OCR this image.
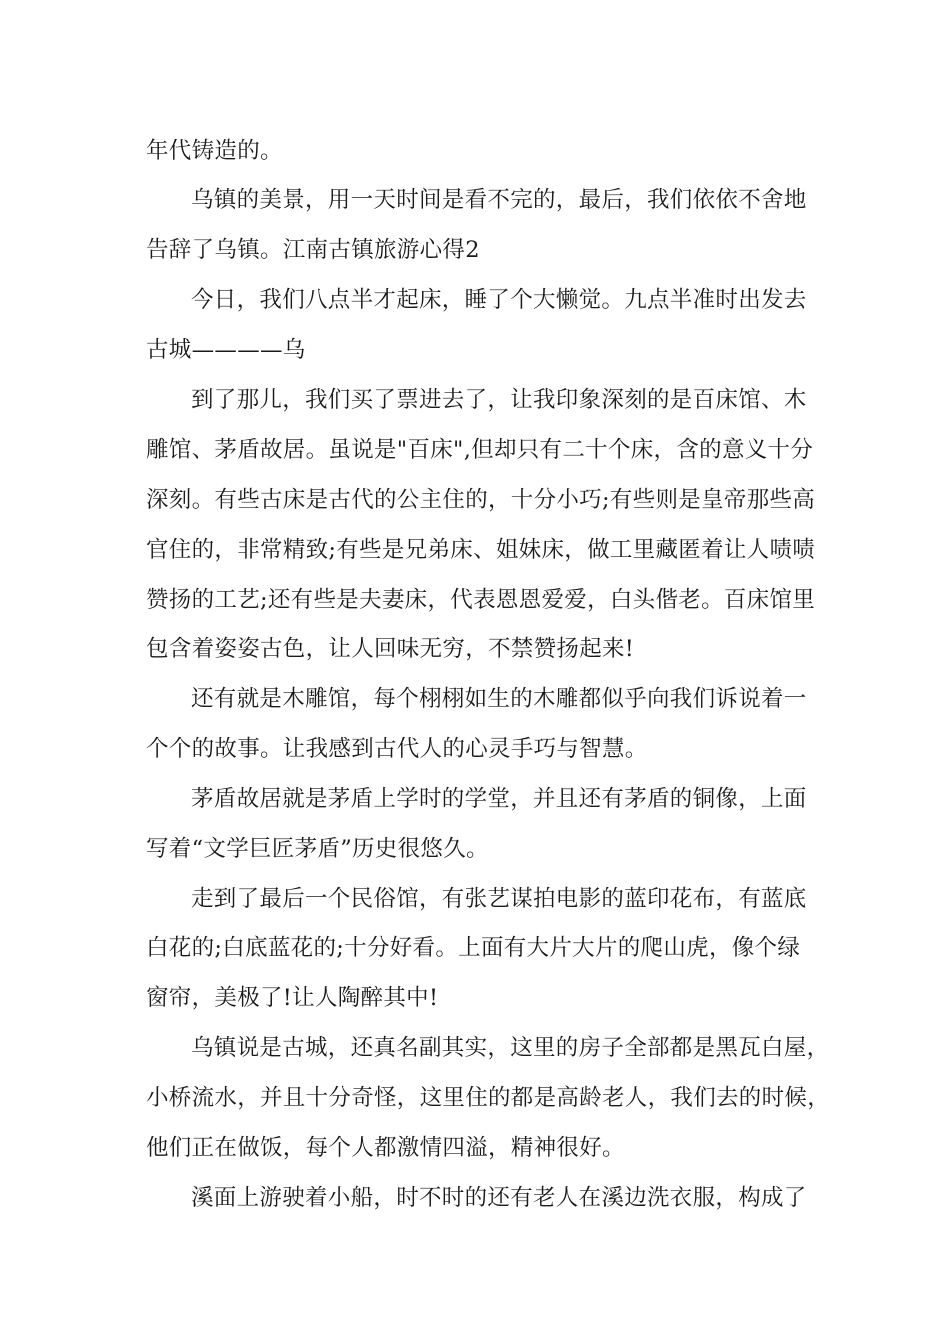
年代铸造的。
乌镇的美景，用一天时间是看不完的，最后，我们依依不舍地
告辞了乌镇。江南古镇旅游心得2
今日，我们八点半才起床，睡了个大懒觉。九点半准时出发去
古城————乌
到了那儿，我们买了票进去了，让我印象深刻的是百床馆、木
雕馆、茅盾故居。虽说是"百床",但却只有二十个床，含的意义十分
深刻。有些古床是古代的公主住的，十分小巧;有些则是皇帝那些高
官住的，非常精致;有些是兄弟床、姐妹床，做工里藏匿着让人啧啧
赞扬的工艺;还有些是夫妻床，代表恩恩爱爱，白头偕老。百床馆里
包含着姿姿古色，让人回味无穷，不禁赞扬起来!
还有就是木雕馆，每个栩栩如生的木雕都似乎向我们诉说着一
个个的故事。让我感到古代人的心灵手巧与智慧。
茅盾故居就是茅盾上学时的学堂，并且还有茅盾的铜像，上面
写着“文学巨匠茅盾”历史很悠久。
走到了最后一个民俗馆，有张艺谋拍电影的蓝印花布，有蓝底
白花的;白底蓝花的;十分好看。上面有大片大片的爬山虎，像个绿
窗帘，美极了!让人陶醉其中!
乌镇说是古城，还真名副其实，这里的房子全部都是黑瓦白屋，
小桥流水，并且十分奇怪，这里住的都是高龄老人，我们去的时候，
他们正在做饭，每个人都激情四溢，精神很好。
溪面上游驶着小船，时不时的还有老人在溪边洗衣服，构成了
